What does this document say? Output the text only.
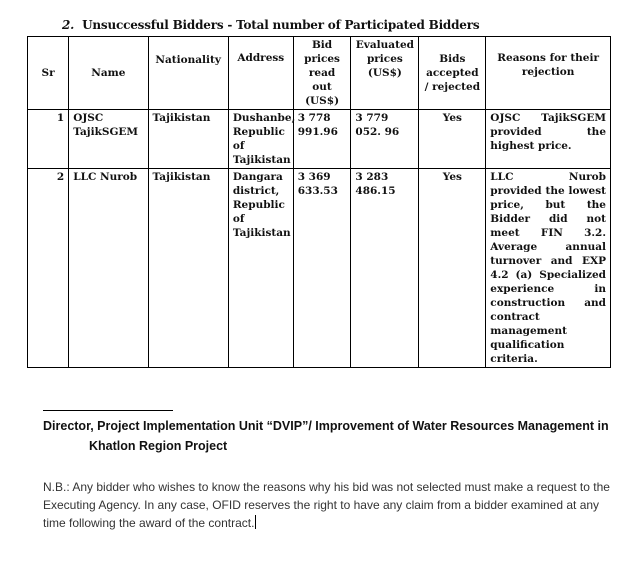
2. Unsuccessful Bidders - Total number of Participated Bidders
Sr	Name	Nationality	Address	Bid prices read out (US$)	Evaluated prices (US$)	Bids accepted / rejected	Reasons for their rejection
1	OJSC TajikSGEM	Tajikistan	Dushanbe, Republic of Tajikistan	3 778 991.96	3 779 052. 96	Yes	OJSC TajikSGEM provided the highest price.
2	LLC Nurob	Tajikistan	Dangara district, Republic of Tajikistan	3 369 633.53	3 283 486.15	Yes	LLC Nurob provided the lowest price, but the Bidder did not meet FIN 3.2. Average annual turnover and EXP 4.2 (a) Specialized experience in construction and contract management qualification criteria.
Director, Project Implementation Unit “DVIP”/ Improvement of Water Resources Management in
Khatlon Region Project
N.B.: Any bidder who wishes to know the reasons why his bid was not selected must make a request to the Executing Agency. In any case, OFID reserves the right to have any claim from a bidder examined at any time following the award of the contract.
